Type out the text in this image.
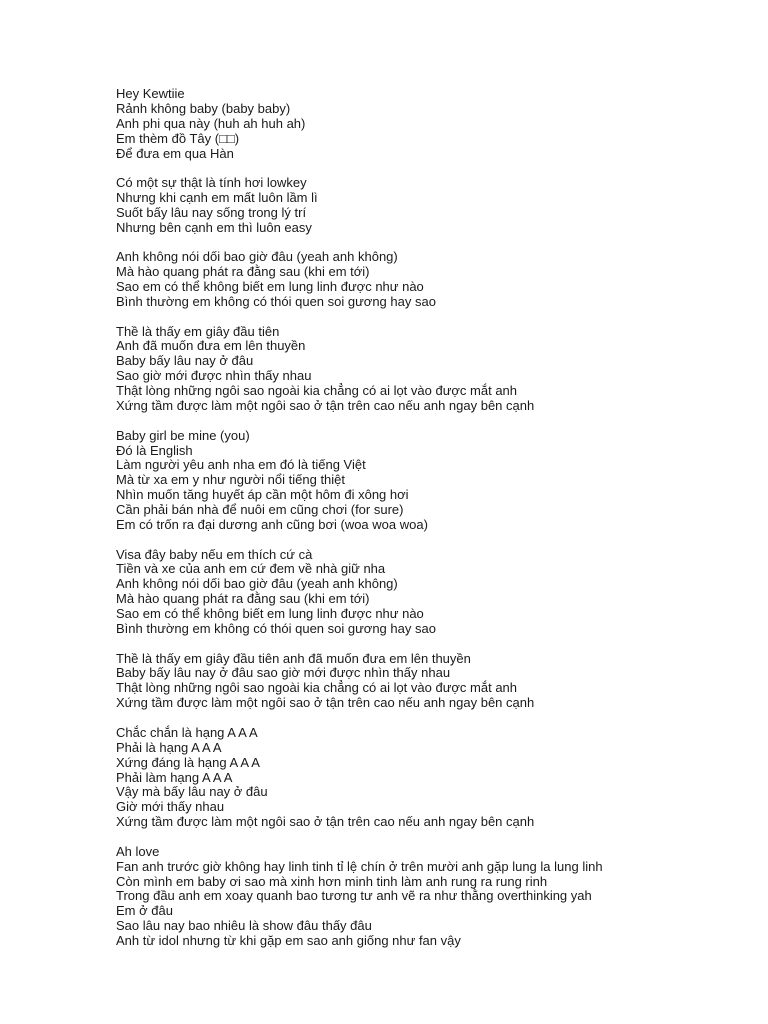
Hey Kewtiie
Rảnh không baby (baby baby)
Anh phi qua này (huh ah huh ah)
Em thèm đồ Tây (□□)
Để đưa em qua Hàn
Có một sự thật là tính hơi lowkey
Nhưng khi cạnh em mất luôn lầm lì
Suốt bấy lâu nay sống trong lý trí
Nhưng bên cạnh em thì luôn easy
Anh không nói dối bao giờ đâu (yeah anh không)
Mà hào quang phát ra đằng sau (khi em tới)
Sao em có thể không biết em lung linh được như nào
Bình thường em không có thói quen soi gương hay sao
Thề là thấy em giây đầu tiên
Anh đã muốn đưa em lên thuyền
Baby bấy lâu nay ở đâu
Sao giờ mới được nhìn thấy nhau
Thật lòng những ngôi sao ngoài kia chẳng có ai lọt vào được mắt anh
Xứng tầm được làm một ngôi sao ở tận trên cao nếu anh ngay bên cạnh
Baby girl be mine (you)
Đó là English
Làm người yêu anh nha em đó là tiếng Việt
Mà từ xa em y như người nổi tiếng thiệt
Nhìn muốn tăng huyết áp cần một hôm đi xông hơi
Cần phải bán nhà để nuôi em cũng chơi (for sure)
Em có trốn ra đại dương anh cũng bơi (woa woa woa)
Visa đây baby nếu em thích cứ cà
Tiền và xe của anh em cứ đem về nhà giữ nha
Anh không nói dối bao giờ đâu (yeah anh không)
Mà hào quang phát ra đằng sau (khi em tới)
Sao em có thể không biết em lung linh được như nào
Bình thường em không có thói quen soi gương hay sao
Thề là thấy em giây đầu tiên anh đã muốn đưa em lên thuyền
Baby bấy lâu nay ở đâu sao giờ mới được nhìn thấy nhau
Thật lòng những ngôi sao ngoài kia chẳng có ai lọt vào được mắt anh
Xứng tầm được làm một ngôi sao ở tận trên cao nếu anh ngay bên cạnh
Chắc chắn là hạng A A A
Phải là hạng A A A
Xứng đáng là hạng A A A
Phải làm hạng A A A
Vậy mà bấy lâu nay ở đâu
Giờ mới thấy nhau
Xứng tầm được làm một ngôi sao ở tận trên cao nếu anh ngay bên cạnh
Ah love
Fan anh trước giờ không hay linh tinh tỉ lệ chín ở trên mười anh gặp lung la lung linh
Còn mình em baby ơi sao mà xinh hơn minh tinh làm anh rung ra rung rinh
Trong đầu anh em xoay quanh bao tương tư anh vẽ ra như thằng overthinking yah
Em ở đâu
Sao lâu nay bao nhiêu là show đâu thấy đâu
Anh từ idol nhưng từ khi gặp em sao anh giống như fan vậy
